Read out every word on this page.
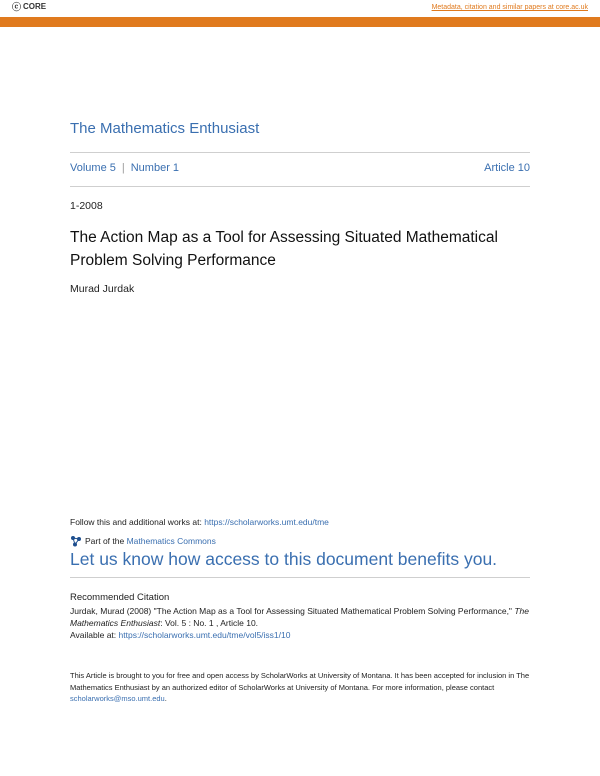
ⓒ CORE	Metadata, citation and similar papers at core.ac.uk
Provided by University of Montana
The Mathematics Enthusiast
Volume 5 | Number 1	Article 10
1-2008
The Action Map as a Tool for Assessing Situated Mathematical Problem Solving Performance
Murad Jurdak
Follow this and additional works at: https://scholarworks.umt.edu/tme
Part of the Mathematics Commons
Let us know how access to this document benefits you.
Recommended Citation
Jurdak, Murad (2008) "The Action Map as a Tool for Assessing Situated Mathematical Problem Solving Performance," The Mathematics Enthusiast: Vol. 5 : No. 1 , Article 10.
Available at: https://scholarworks.umt.edu/tme/vol5/iss1/10
This Article is brought to you for free and open access by ScholarWorks at University of Montana. It has been accepted for inclusion in The Mathematics Enthusiast by an authorized editor of ScholarWorks at University of Montana. For more information, please contact scholarworks@mso.umt.edu.
